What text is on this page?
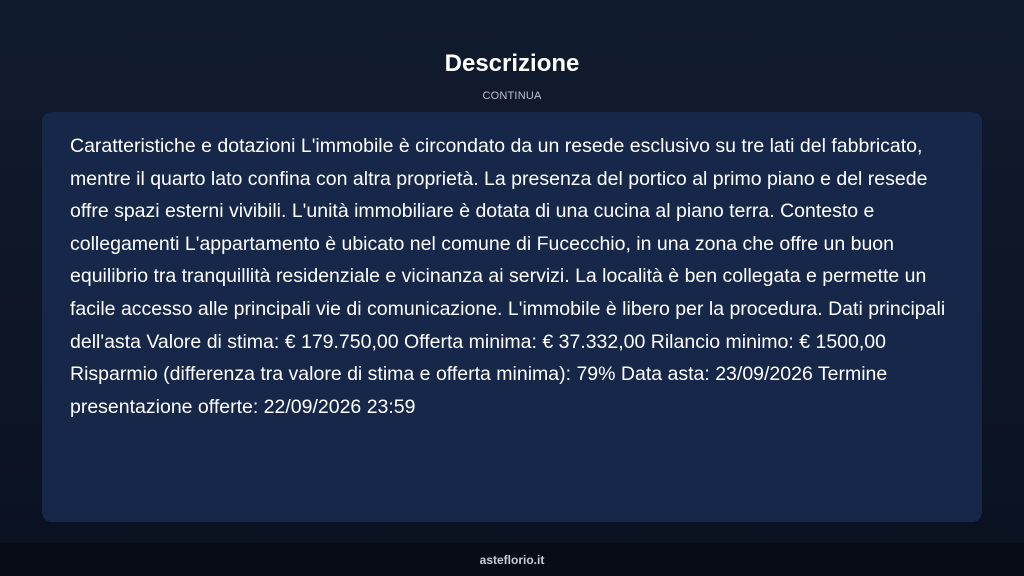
Descrizione
CONTINUA

Caratteristiche e dotazioni L'immobile è circondato da un resede esclusivo su tre lati del fabbricato, mentre il quarto lato confina con altra proprietà. La presenza del portico al primo piano e del resede offre spazi esterni vivibili. L'unità immobiliare è dotata di una cucina al piano terra. Contesto e collegamenti L'appartamento è ubicato nel comune di Fucecchio, in una zona che offre un buon equilibrio tra tranquillità residenziale e vicinanza ai servizi. La località è ben collegata e permette un facile accesso alle principali vie di comunicazione. L'immobile è libero per la procedura. Dati principali dell'asta Valore di stima: € 179.750,00 Offerta minima: € 37.332,00 Rilancio minimo: € 1500,00 Risparmio (differenza tra valore di stima e offerta minima): 79% Data asta: 23/09/2026 Termine presentazione offerte: 22/09/2026 23:59

asteflorio.it
